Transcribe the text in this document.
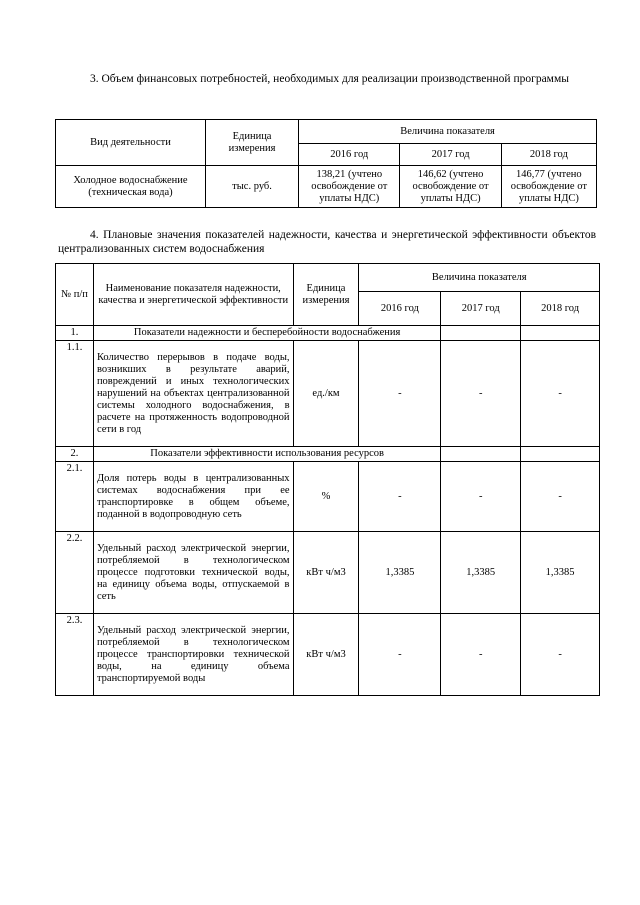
3. Объем финансовых потребностей, необходимых для реализации производственной программы
Вид деятельности	Единица измерения	Величина показателя		
		2016 год	2017 год	2018 год
Холодное водоснабжение (техническая вода)	тыс. руб.	138,21 (учтено освобождение от уплаты НДС)	146,62 (учтено освобождение от уплаты НДС)	146,77 (учтено освобождение от уплаты НДС)
4. Плановые значения показателей надежности, качества и энергетической эффективности объектов централизованных систем водоснабжения
№ п/п	Наименование показателя надежности, качества и энергетической эффективности	Единица измерения	Величина показателя		
			2016 год	2017 год	2018 год
1.	Показатели надежности и бесперебойности водоснабжения				
1.1.	Количество перерывов в подаче воды, возникших в результате аварий, повреждений и иных технологических нарушений на объектах централизованной системы холодного водоснабжения, в расчете на протяженность водопроводной сети в год	ед./км	-	-	-
2.	Показатели эффективности использования ресурсов				
2.1.	Доля потерь воды в централизованных системах водоснабжения при ее транспортировке в общем объеме, поданной в водопроводную сеть	%	-	-	-
2.2.	Удельный расход электрической энергии, потребляемой в технологическом процессе подготовки технической воды, на единицу объема воды, отпускаемой в сеть	кВт ч/м3	1,3385	1,3385	1,3385
2.3.	Удельный расход электрической энергии, потребляемой в технологическом процессе транспортировки технической воды, на единицу объема транспортируемой воды	кВт ч/м3	-	-	-
